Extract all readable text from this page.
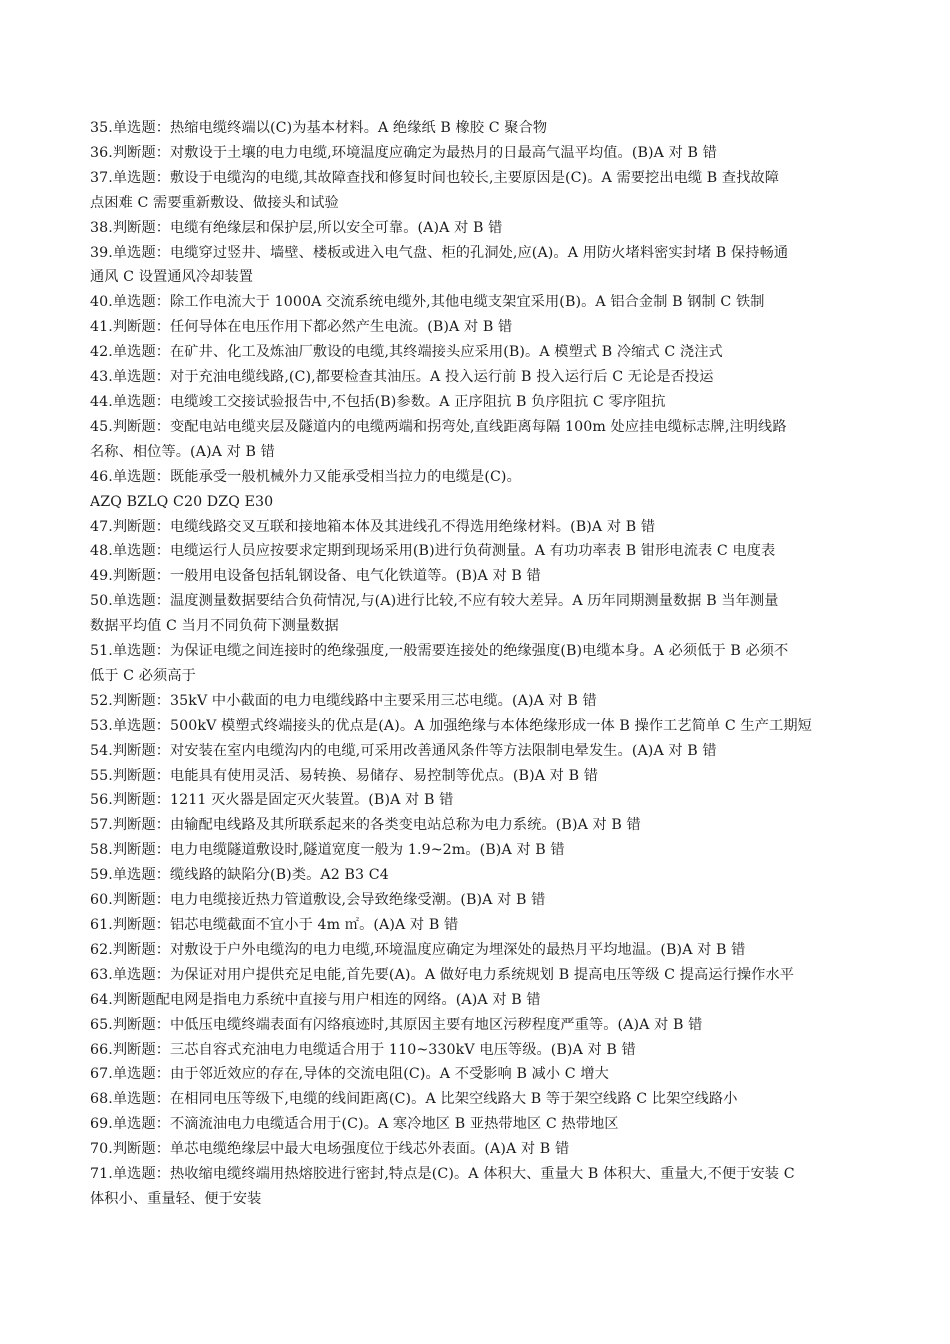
35.单选题：热缩电缆终端以(C)为基本材料。A 绝缘纸 B 橡胶 C 聚合物
36.判断题：对敷设于土壤的电力电缆,环境温度应确定为最热月的日最高气温平均值。(B)A 对 B 错
37.单选题：敷设于电缆沟的电缆,其故障查找和修复时间也较长,主要原因是(C)。A 需要挖出电缆 B 查找故障
点困难 C 需要重新敷设、做接头和试验
38.判断题：电缆有绝缘层和保护层,所以安全可靠。(A)A 对 B 错
39.单选题：电缆穿过竖井、墙壁、楼板或进入电气盘、柜的孔洞处,应(A)。A 用防火堵料密实封堵 B 保持畅通
通风 C 设置通风冷却装置
40.单选题：除工作电流大于 1000A 交流系统电缆外,其他电缆支架宜采用(B)。A 铝合金制 B 钢制 C 铁制
41.判断题：任何导体在电压作用下都必然产生电流。(B)A 对 B 错
42.单选题：在矿井、化工及炼油厂敷设的电缆,其终端接头应采用(B)。A 模塑式 B 冷缩式 C 浇注式
43.单选题：对于充油电缆线路,(C),都要检查其油压。A 投入运行前 B 投入运行后 C 无论是否投运
44.单选题：电缆竣工交接试验报告中,不包括(B)参数。A 正序阻抗 B 负序阻抗 C 零序阻抗
45.判断题：变配电站电缆夹层及隧道内的电缆两端和拐弯处,直线距离每隔 100m 处应挂电缆标志牌,注明线路
名称、相位等。(A)A 对 B 错
46.单选题：既能承受一般机械外力又能承受相当拉力的电缆是(C)。
AZQ BZLQ C20 DZQ E30
47.判断题：电缆线路交叉互联和接地箱本体及其进线孔不得选用绝缘材料。(B)A 对 B 错
48.单选题：电缆运行人员应按要求定期到现场采用(B)进行负荷测量。A 有功功率表 B 钳形电流表 C 电度表
49.判断题：一般用电设备包括轧钢设备、电气化铁道等。(B)A 对 B 错
50.单选题：温度测量数据要结合负荷情况,与(A)进行比较,不应有较大差异。A 历年同期测量数据 B 当年测量
数据平均值 C 当月不同负荷下测量数据
51.单选题：为保证电缆之间连接时的绝缘强度,一般需要连接处的绝缘强度(B)电缆本身。A 必须低于 B 必须不
低于 C 必须高于
52.判断题：35kV 中小截面的电力电缆线路中主要采用三芯电缆。(A)A 对 B 错
53.单选题：500kV 模塑式终端接头的优点是(A)。A 加强绝缘与本体绝缘形成一体 B 操作工艺简单 C 生产工期短
54.判断题：对安装在室内电缆沟内的电缆,可采用改善通风条件等方法限制电晕发生。(A)A 对 B 错
55.判断题：电能具有使用灵活、易转换、易储存、易控制等优点。(B)A 对 B 错
56.判断题：1211 灭火器是固定灭火装置。(B)A 对 B 错
57.判断题：由输配电线路及其所联系起来的各类变电站总称为电力系统。(B)A 对 B 错
58.判断题：电力电缆隧道敷设时,隧道宽度一般为 1.9~2m。(B)A 对 B 错
59.单选题：缆线路的缺陷分(B)类。A2 B3 C4
60.判断题：电力电缆接近热力管道敷设,会导致绝缘受潮。(B)A 对 B 错
61.判断题：铝芯电缆截面不宜小于 4m ㎡。(A)A 对 B 错
62.判断题：对敷设于户外电缆沟的电力电缆,环境温度应确定为埋深处的最热月平均地温。(B)A 对 B 错
63.单选题：为保证对用户提供充足电能,首先要(A)。A 做好电力系统规划 B 提高电压等级 C 提高运行操作水平
64.判断题配电网是指电力系统中直接与用户相连的网络。(A)A 对 B 错
65.判断题：中低压电缆终端表面有闪络痕迹时,其原因主要有地区污秽程度严重等。(A)A 对 B 错
66.判断题：三芯自容式充油电力电缆适合用于 110~330kV 电压等级。(B)A 对 B 错
67.单选题：由于邻近效应的存在,导体的交流电阻(C)。A 不受影响 B 减小 C 增大
68.单选题：在相同电压等级下,电缆的线间距离(C)。A 比架空线路大 B 等于架空线路 C 比架空线路小
69.单选题：不滴流油电力电缆适合用于(C)。A 寒冷地区 B 亚热带地区 C 热带地区
70.判断题：单芯电缆绝缘层中最大电场强度位于线芯外表面。(A)A 对 B 错
71.单选题：热收缩电缆终端用热熔胶进行密封,特点是(C)。A 体积大、重量大 B 体积大、重量大,不便于安装 C
体积小、重量轻、便于安装
